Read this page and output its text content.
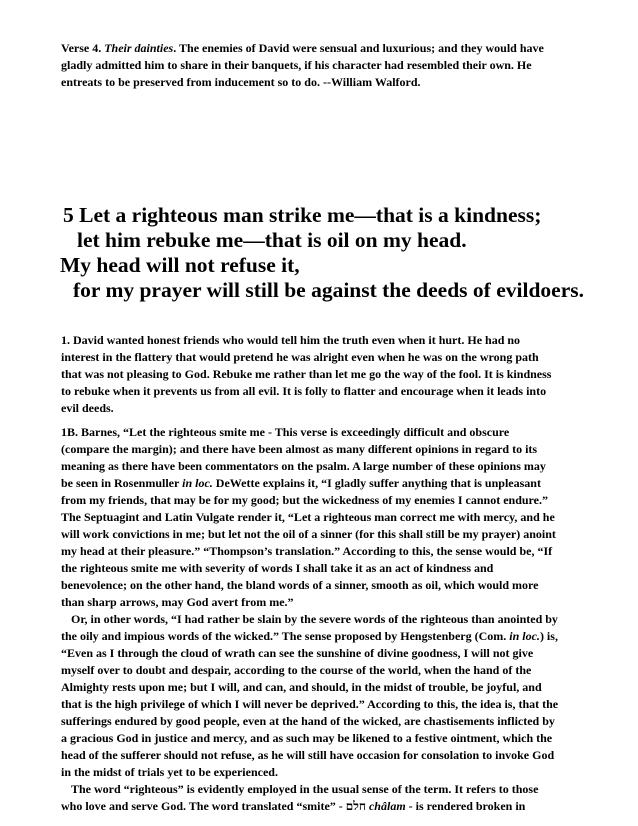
Verse 4. Their dainties. The enemies of David were sensual and luxurious; and they would have
gladly admitted him to share in their banquets, if his character had resembled their own. He
entreats to be preserved from inducement so to do. --William Walford.
5 Let a righteous man strike me—that is a kindness;
let him rebuke me—that is oil on my head.
My head will not refuse it,
for my prayer will still be against the deeds of evildoers.
1. David wanted honest friends who would tell him the truth even when it hurt. He had no
interest in the flattery that would pretend he was alright even when he was on the wrong path
that was not pleasing to God. Rebuke me rather than let me go the way of the fool. It is kindness
to rebuke when it prevents us from all evil. It is folly to flatter and encourage when it leads into
evil deeds.
1B. Barnes, “Let the righteous smite me - This verse is exceedingly difficult and obscure
(compare the margin); and there have been almost as many different opinions in regard to its
meaning as there have been commentators on the psalm. A large number of these opinions may
be seen in Rosenmuller in loc. DeWette explains it, “I gladly suffer anything that is unpleasant
from my friends, that may be for my good; but the wickedness of my enemies I cannot endure.”
The Septuagint and Latin Vulgate render it, “Let a righteous man correct me with mercy, and he
will work convictions in me; but let not the oil of a sinner (for this shall still be my prayer) anoint
my head at their pleasure.” “Thompson’s translation.” According to this, the sense would be, “If
the righteous smite me with severity of words I shall take it as an act of kindness and
benevolence; on the other hand, the bland words of a sinner, smooth as oil, which would more
than sharp arrows, may God avert from me.”
Or, in other words, “I had rather be slain by the severe words of the righteous than anointed by
the oily and impious words of the wicked.” The sense proposed by Hengstenberg (Com. in loc.) is,
“Even as I through the cloud of wrath can see the sunshine of divine goodness, I will not give
myself over to doubt and despair, according to the course of the world, when the hand of the
Almighty rests upon me; but I will, and can, and should, in the midst of trouble, be joyful, and
that is the high privilege of which I will never be deprived.” According to this, the idea is, that the
sufferings endured by good people, even at the hand of the wicked, are chastisements inflicted by
a gracious God in justice and mercy, and as such may be likened to a festive ointment, which the
head of the sufferer should not refuse, as he will still have occasion for consolation to invoke God
in the midst of trials yet to be experienced.
The word “righteous” is evidently employed in the usual sense of the term. It refers to those
who love and serve God. The word translated “smite” - חלם châlam - is rendered broken in
